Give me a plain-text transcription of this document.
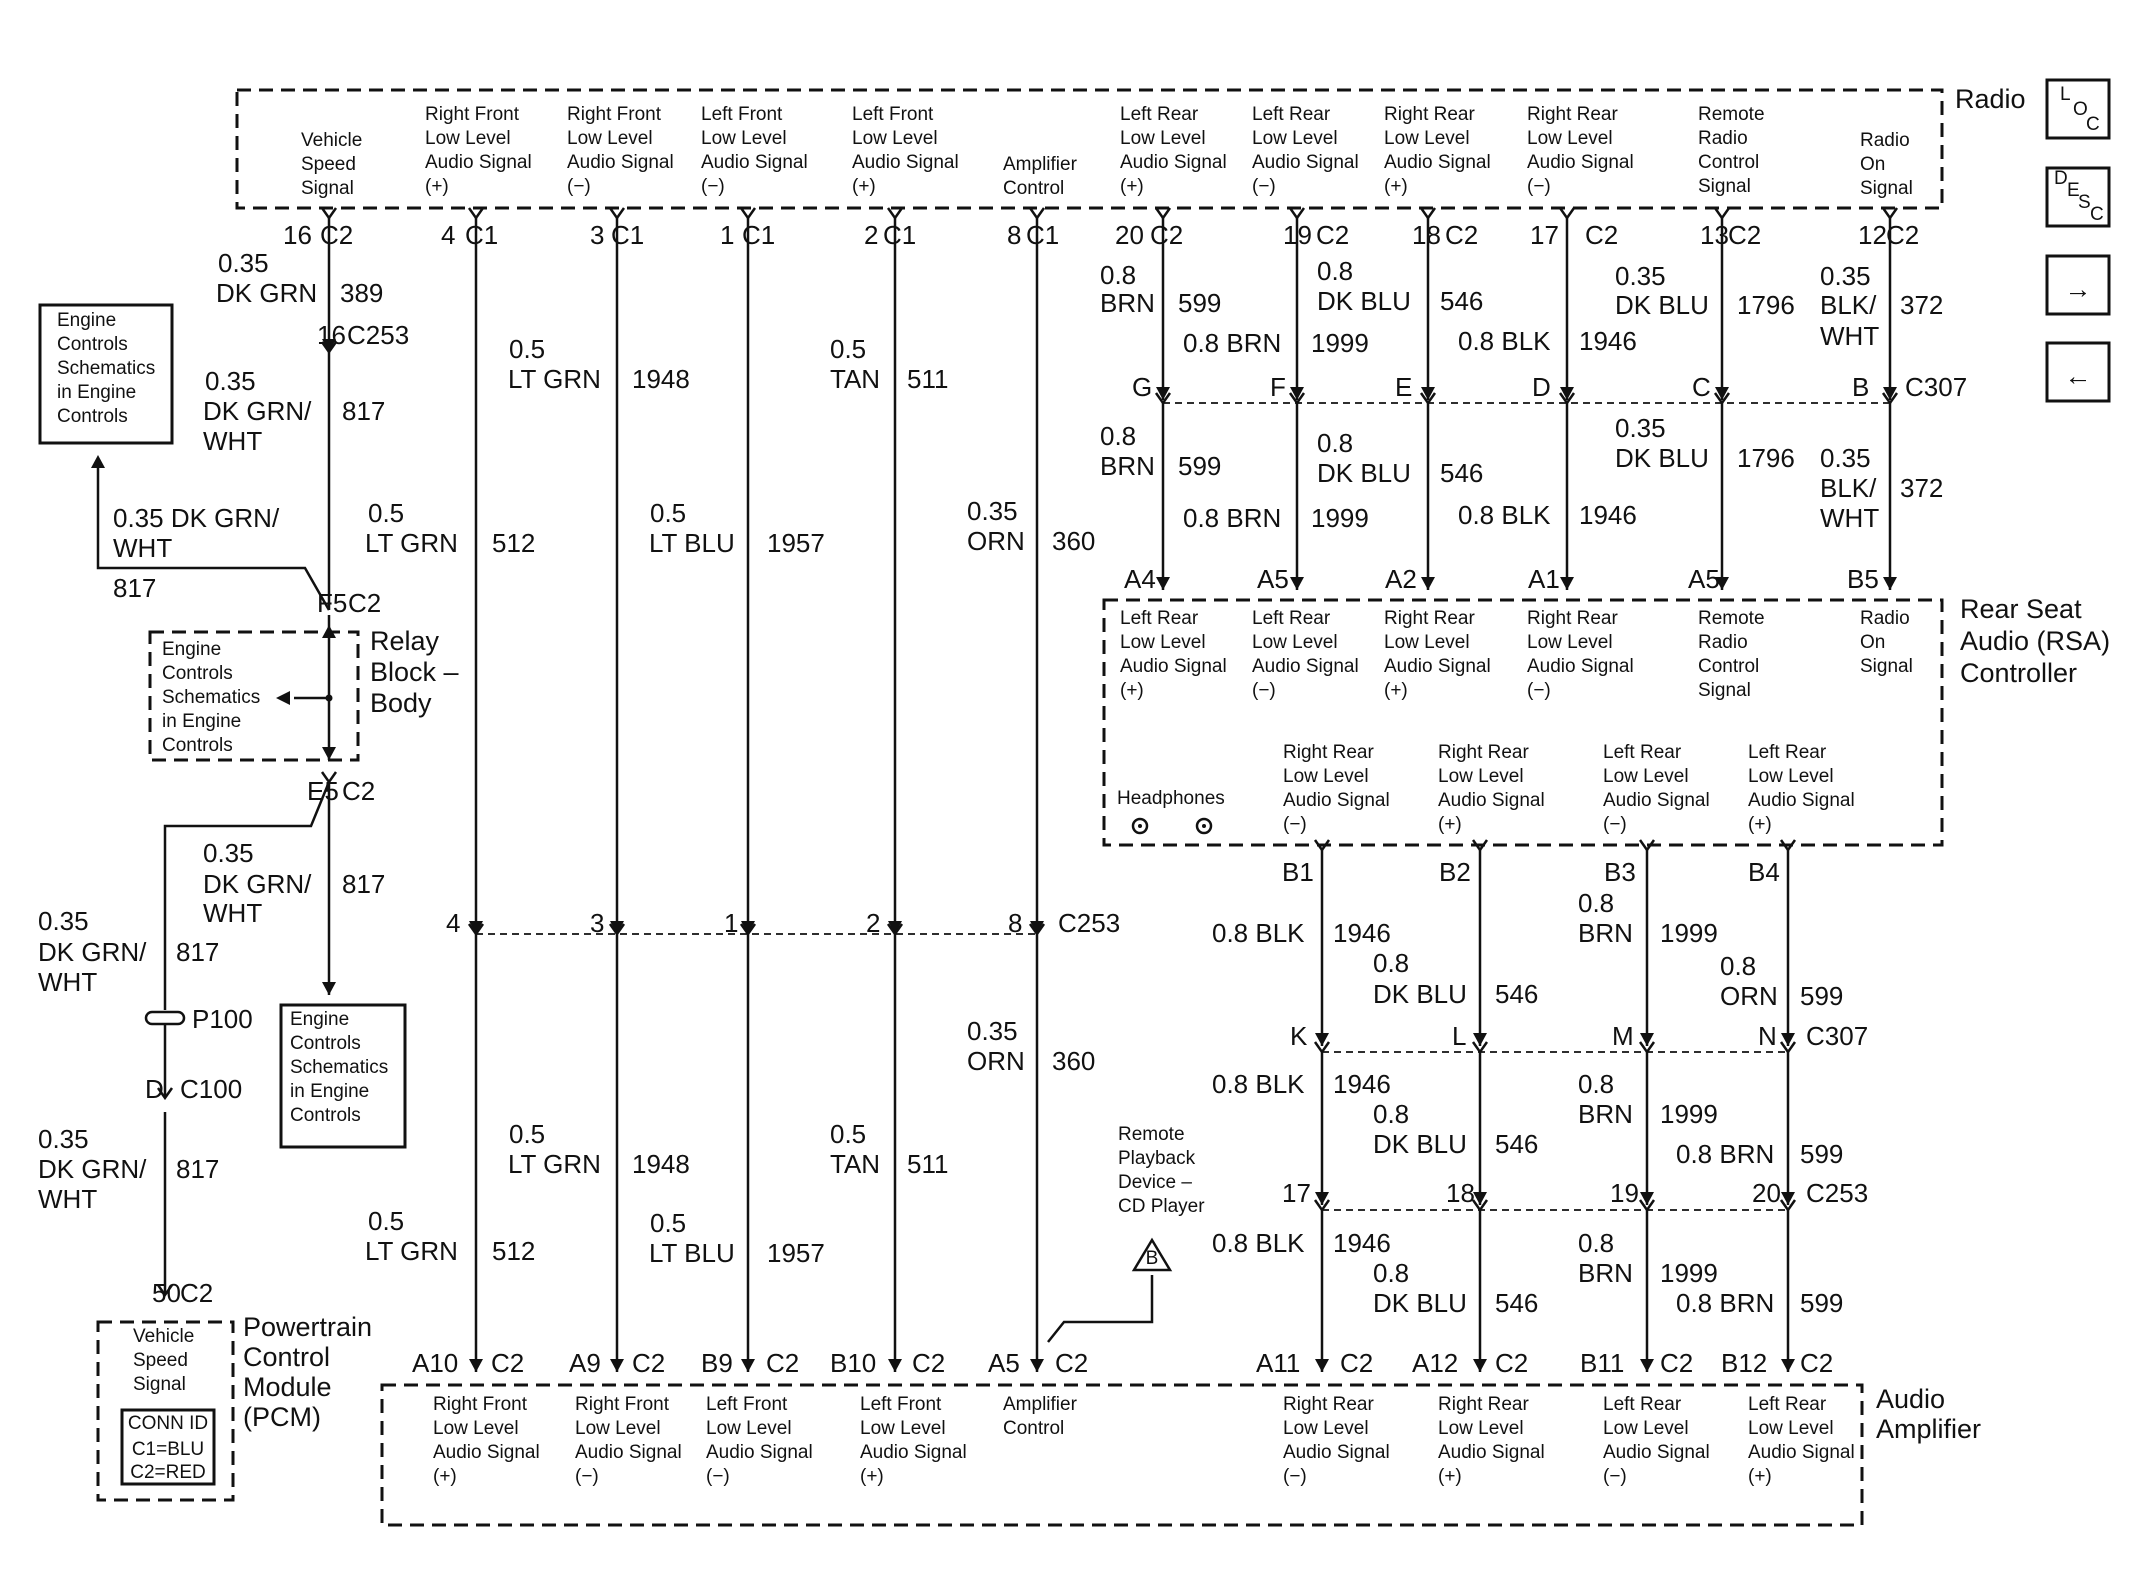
Radio
Rear Seat
Audio (RSA)
Controller
Audio
Amplifier
Powertrain
Control
Module
(PCM)
Relay
Block –
Body
L
O
C
D
E
S
C
→
←
Vehicle
Speed
Signal
Right Front
Low Level
Audio Signal
(+)
Right Front
Low Level
Audio Signal
(−)
Left Front
Low Level
Audio Signal
(−)
Left Front
Low Level
Audio Signal
(+)
Amplifier
Control
Left Rear
Low Level
Audio Signal
(+)
Left Rear
Low Level
Audio Signal
(−)
Right Rear
Low Level
Audio Signal
(+)
Right Rear
Low Level
Audio Signal
(−)
Remote
Radio
Control
Signal
Radio
On
Signal
Left Rear
Low Level
Audio Signal
(+)
Left Rear
Low Level
Audio Signal
(−)
Right Rear
Low Level
Audio Signal
(+)
Right Rear
Low Level
Audio Signal
(−)
Remote
Radio
Control
Signal
Radio
On
Signal
Right Rear
Low Level
Audio Signal
(−)
Right Rear
Low Level
Audio Signal
(+)
Left Rear
Low Level
Audio Signal
(−)
Left Rear
Low Level
Audio Signal
(+)
Headphones
Right Front
Low Level
Audio Signal
(+)
Right Front
Low Level
Audio Signal
(−)
Left Front
Low Level
Audio Signal
(−)
Left Front
Low Level
Audio Signal
(+)
Amplifier
Control
Right Rear
Low Level
Audio Signal
(−)
Right Rear
Low Level
Audio Signal
(+)
Left Rear
Low Level
Audio Signal
(−)
Left Rear
Low Level
Audio Signal
(+)
Vehicle
Speed
Signal
CONN ID
C1=BLU
C2=RED
Engine
Controls
Schematics
in Engine
Controls
Engine
Controls
Schematics
in Engine
Controls
Engine
Controls
Schematics
in Engine
Controls
Remote
Playback
Device –
CD Player
B
16 C2	4 C1	3 C1	1 C1	2 C1	8 C1 20 C2	19 C2 18 C2 17 C2	13 C2	12 C2
0.35
DK GRN 389
16 C253
0.35
DK GRN/ 817
WHT
0.35 DK GRN/
WHT
817	F5 C2
E5 C2
0.35
DK GRN/ 817
WHT
0.35
DK GRN/ 817
WHT
P100
D C100
0.35
DK GRN/ 817
WHT
50 C2
0.5
LT GRN 1948
0.5
TAN 511
0.5
LT GRN 512
0.5
LT BLU 1957
0.35
ORN 360
0.8
BRN 599
0.8
DK BLU 546
0.8 BRN 1999	0.8 BLK 1946
0.35
DK BLU 1796
0.35
BLK/ 372
WHT
G	F	E	D	C	B C307
0.8
BRN 599
0.8
DK BLU 546
0.8 BRN 1999	0.8 BLK 1946
0.35
DK BLU 1796 0.35
BLK/ 372
WHT
A4	A5	A2	A1	A5	B5
4	3	1	2	8 C253
0.35
ORN 360
0.5
LT GRN 1948
0.5
TAN 511
0.5
LT GRN 512
0.5
LT BLU 1957
B1	B2	B3	B4
0.8 BLK 1946
0.8
DK BLU 546
0.8
BRN 1999
0.8
ORN 599
K	L	M	N C307
0.8 BLK 1946
0.8
DK BLU 546
0.8
BRN 1999
0.8 BRN 599
17	18	19	20 C253
0.8 BLK 1946
0.8
DK BLU 546
0.8
BRN 1999
0.8 BRN 599
A10 C2 A9 C2 B9 C2 B10 C2 A5 C2	A11 C2 A12 C2 B11 C2 B12 C2
